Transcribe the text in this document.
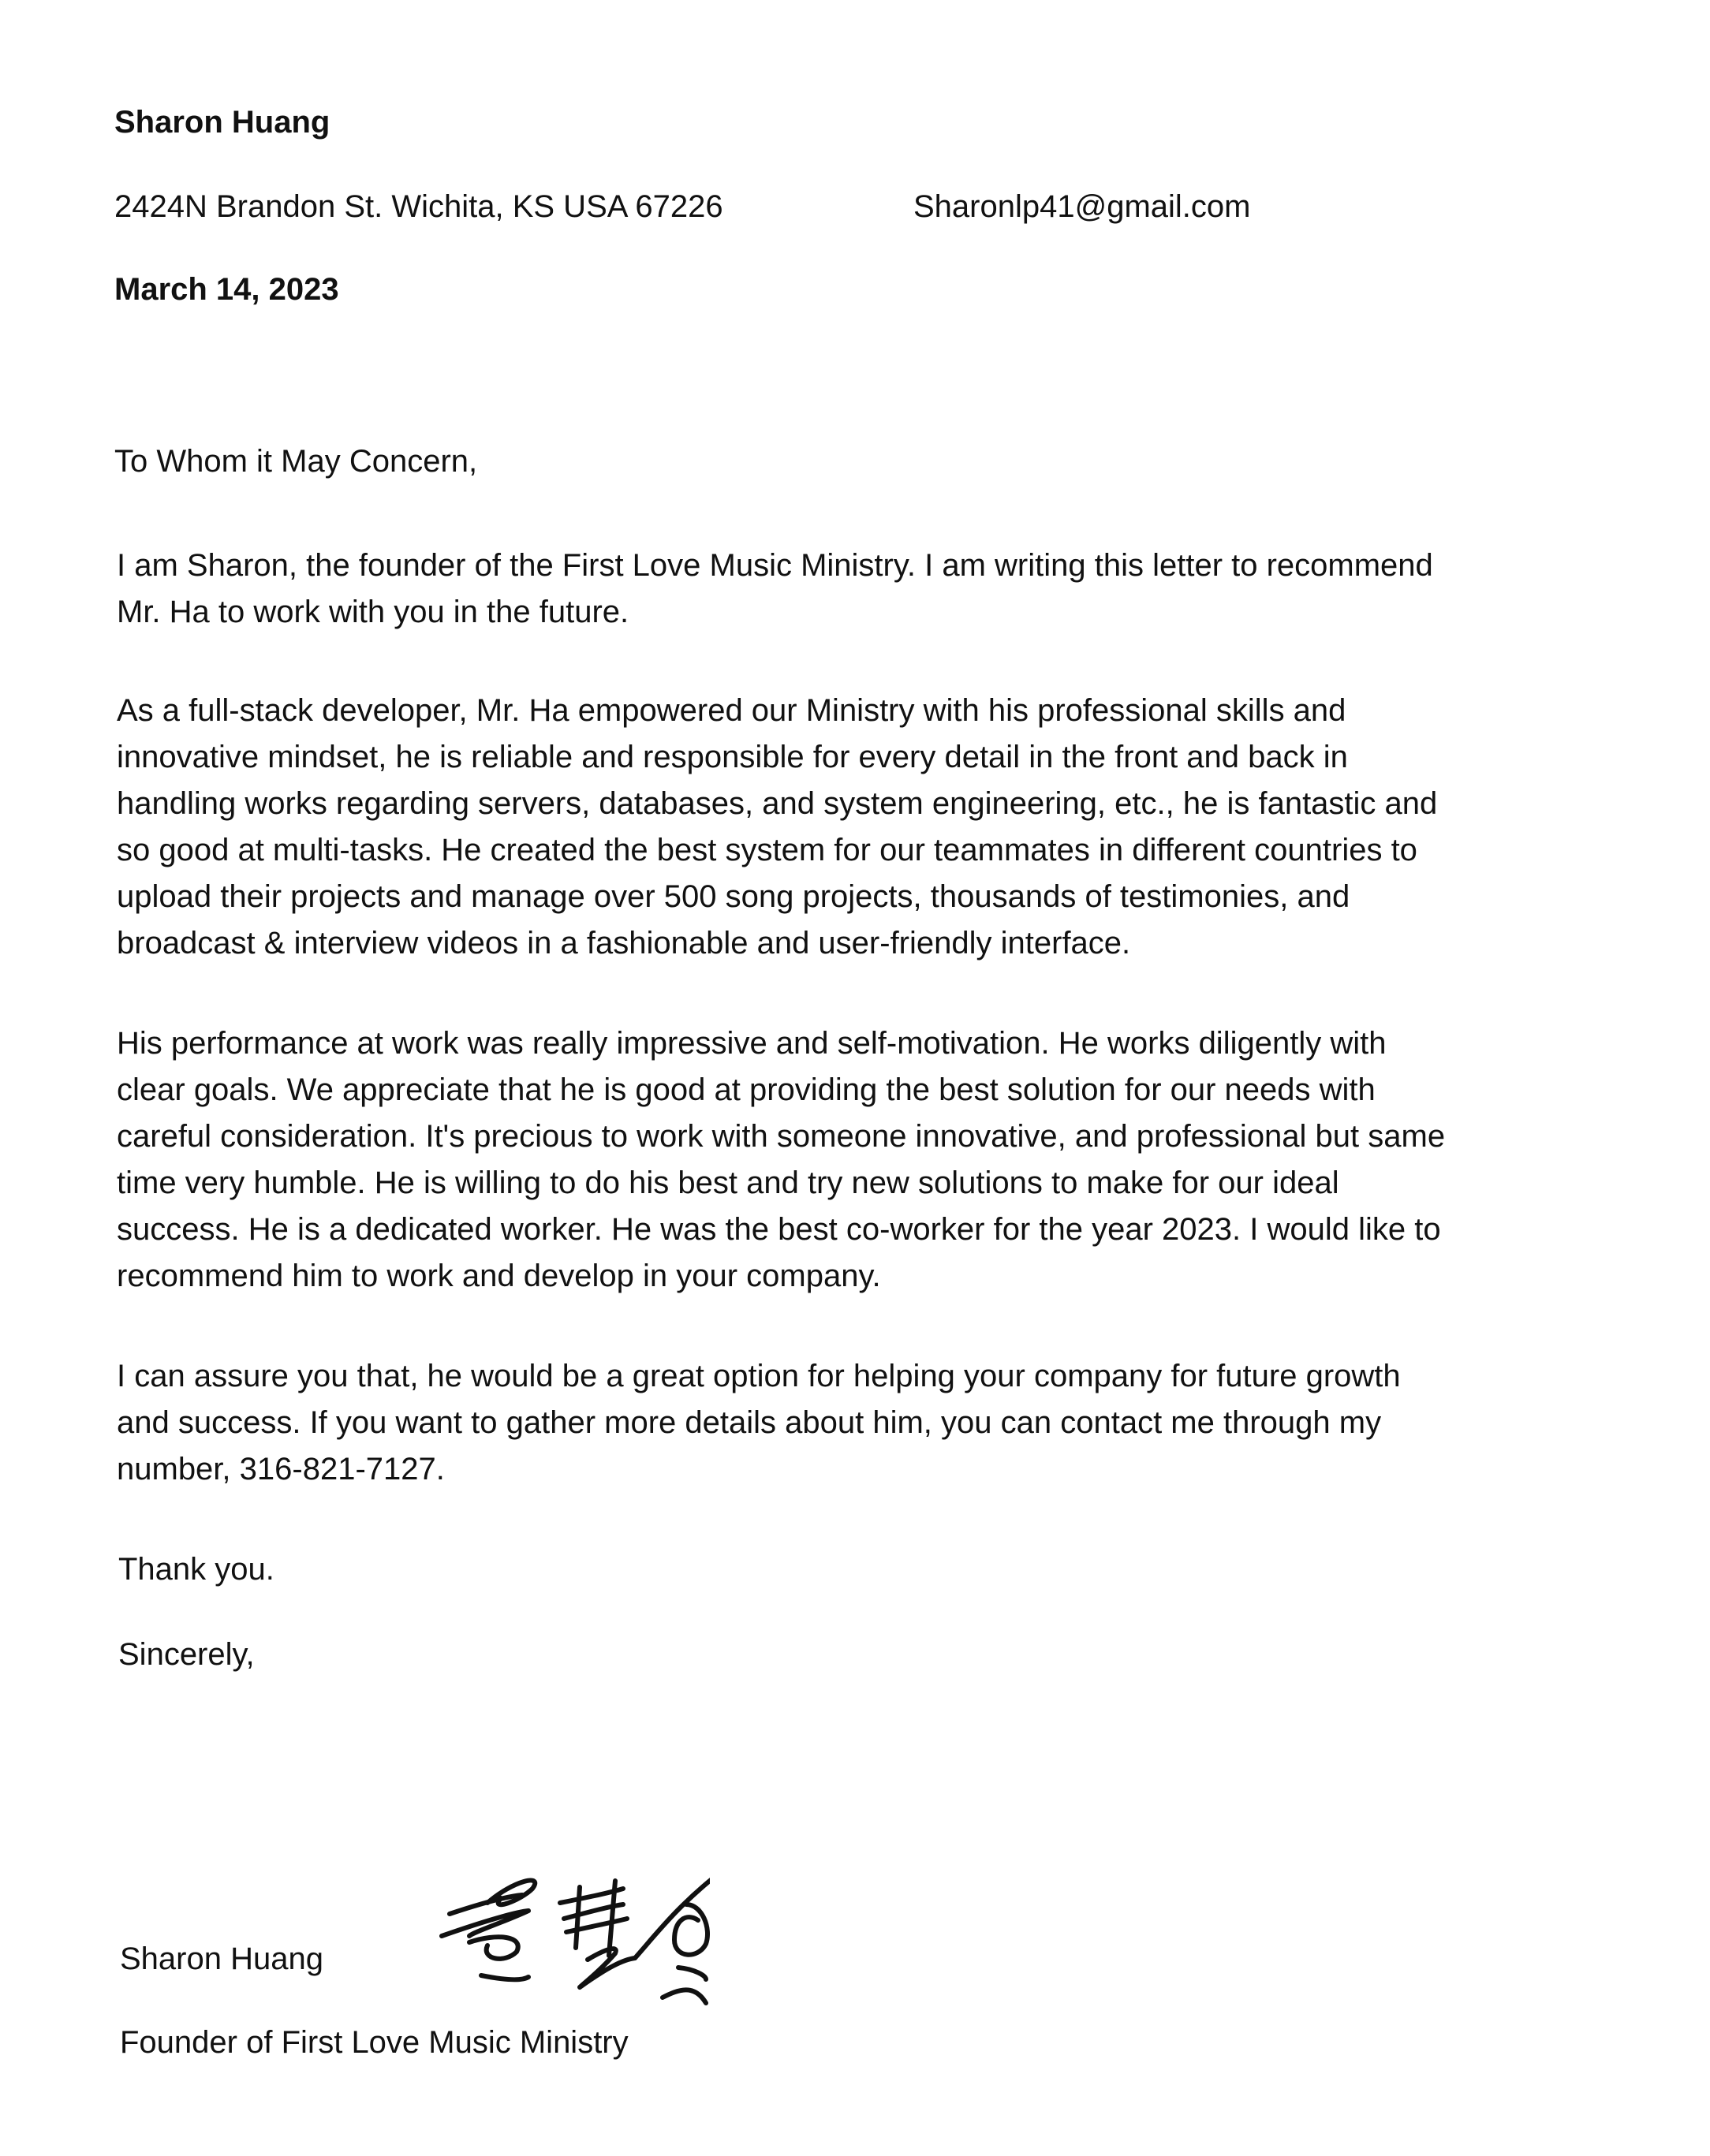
Sharon Huang
2424N Brandon St. Wichita, KS USA 67226	Sharonlp41@gmail.com
March 14, 2023
To Whom it May Concern,
I am Sharon, the founder of the First Love Music Ministry. I am writing this letter to recommend
Mr. Ha to work with you in the future.
As a full-stack developer, Mr. Ha empowered our Ministry with his professional skills and
innovative mindset, he is reliable and responsible for every detail in the front and back in
handling works regarding servers, databases, and system engineering, etc., he is fantastic and
so good at multi-tasks. He created the best system for our teammates in different countries to
upload their projects and manage over 500 song projects, thousands of testimonies, and
broadcast & interview videos in a fashionable and user-friendly interface.
His performance at work was really impressive and self-motivation. He works diligently with
clear goals. We appreciate that he is good at providing the best solution for our needs with
careful consideration. It's precious to work with someone innovative, and professional but same
time very humble. He is willing to do his best and try new solutions to make for our ideal
success. He is a dedicated worker. He was the best co-worker for the year 2023. I would like to
recommend him to work and develop in your company.
I can assure you that, he would be a great option for helping your company for future growth
and success. If you want to gather more details about him, you can contact me through my
number, 316-821-7127.
Thank you.
Sincerely,
Sharon Huang
Founder of First Love Music Ministry
